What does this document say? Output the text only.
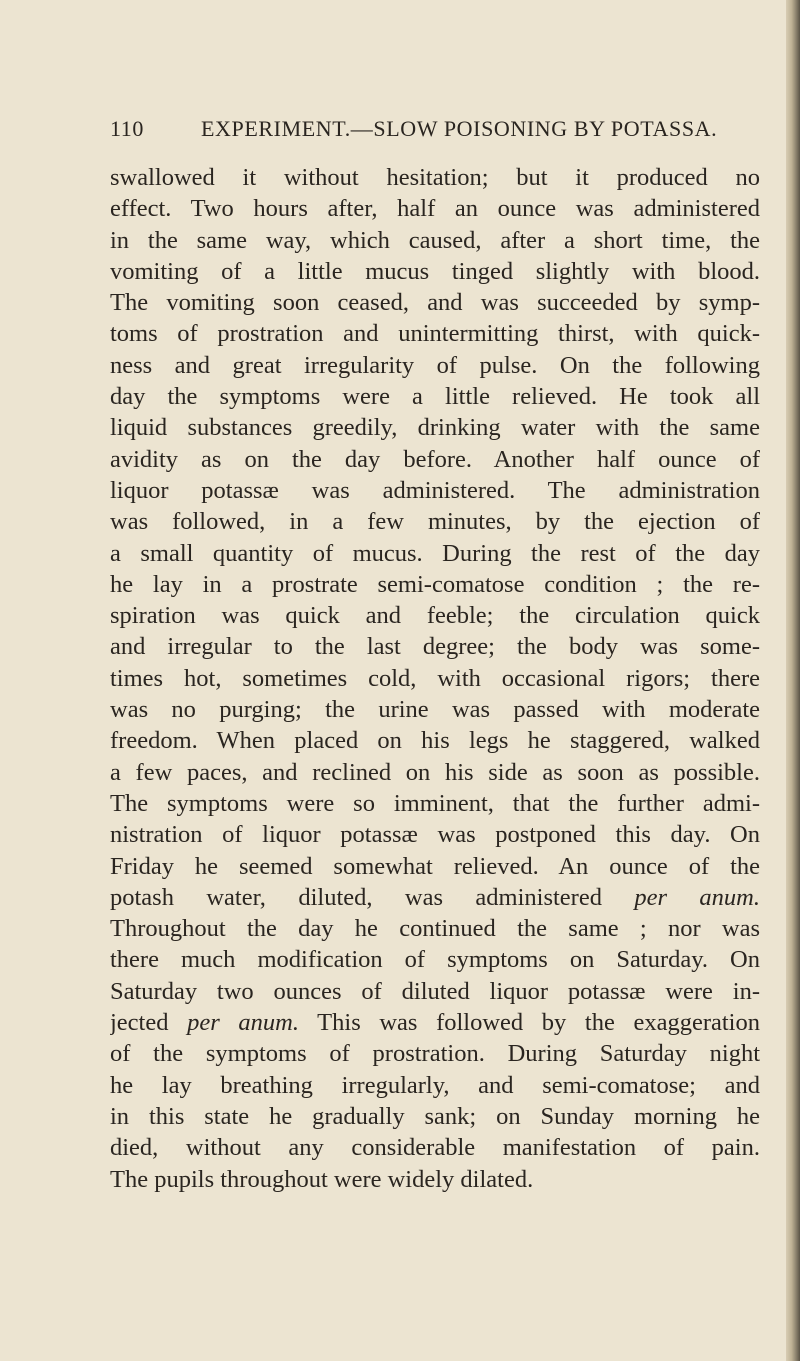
110	EXPERIMENT.—SLOW POISONING BY POTASSA.
swallowed it without hesitation; but it produced no
effect. Two hours after, half an ounce was administered
in the same way, which caused, after a short time, the
vomiting of a little mucus tinged slightly with blood.
The vomiting soon ceased, and was succeeded by symp-
toms of prostration and unintermitting thirst, with quick-
ness and great irregularity of pulse. On the following
day the symptoms were a little relieved. He took all
liquid substances greedily, drinking water with the same
avidity as on the day before. Another half ounce of
liquor potassæ was administered. The administration
was followed, in a few minutes, by the ejection of
a small quantity of mucus. During the rest of the day
he lay in a prostrate semi-comatose condition ; the re-
spiration was quick and feeble; the circulation quick
and irregular to the last degree; the body was some-
times hot, sometimes cold, with occasional rigors; there
was no purging; the urine was passed with moderate
freedom. When placed on his legs he staggered, walked
a few paces, and reclined on his side as soon as possible.
The symptoms were so imminent, that the further admi-
nistration of liquor potassæ was postponed this day. On
Friday he seemed somewhat relieved. An ounce of the
potash water, diluted, was administered per anum.
Throughout the day he continued the same ; nor was
there much modification of symptoms on Saturday. On
Saturday two ounces of diluted liquor potassæ were in-
jected per anum. This was followed by the exaggeration
of the symptoms of prostration. During Saturday night
he lay breathing irregularly, and semi-comatose; and
in this state he gradually sank; on Sunday morning he
died, without any considerable manifestation of pain.
The pupils throughout were widely dilated.
